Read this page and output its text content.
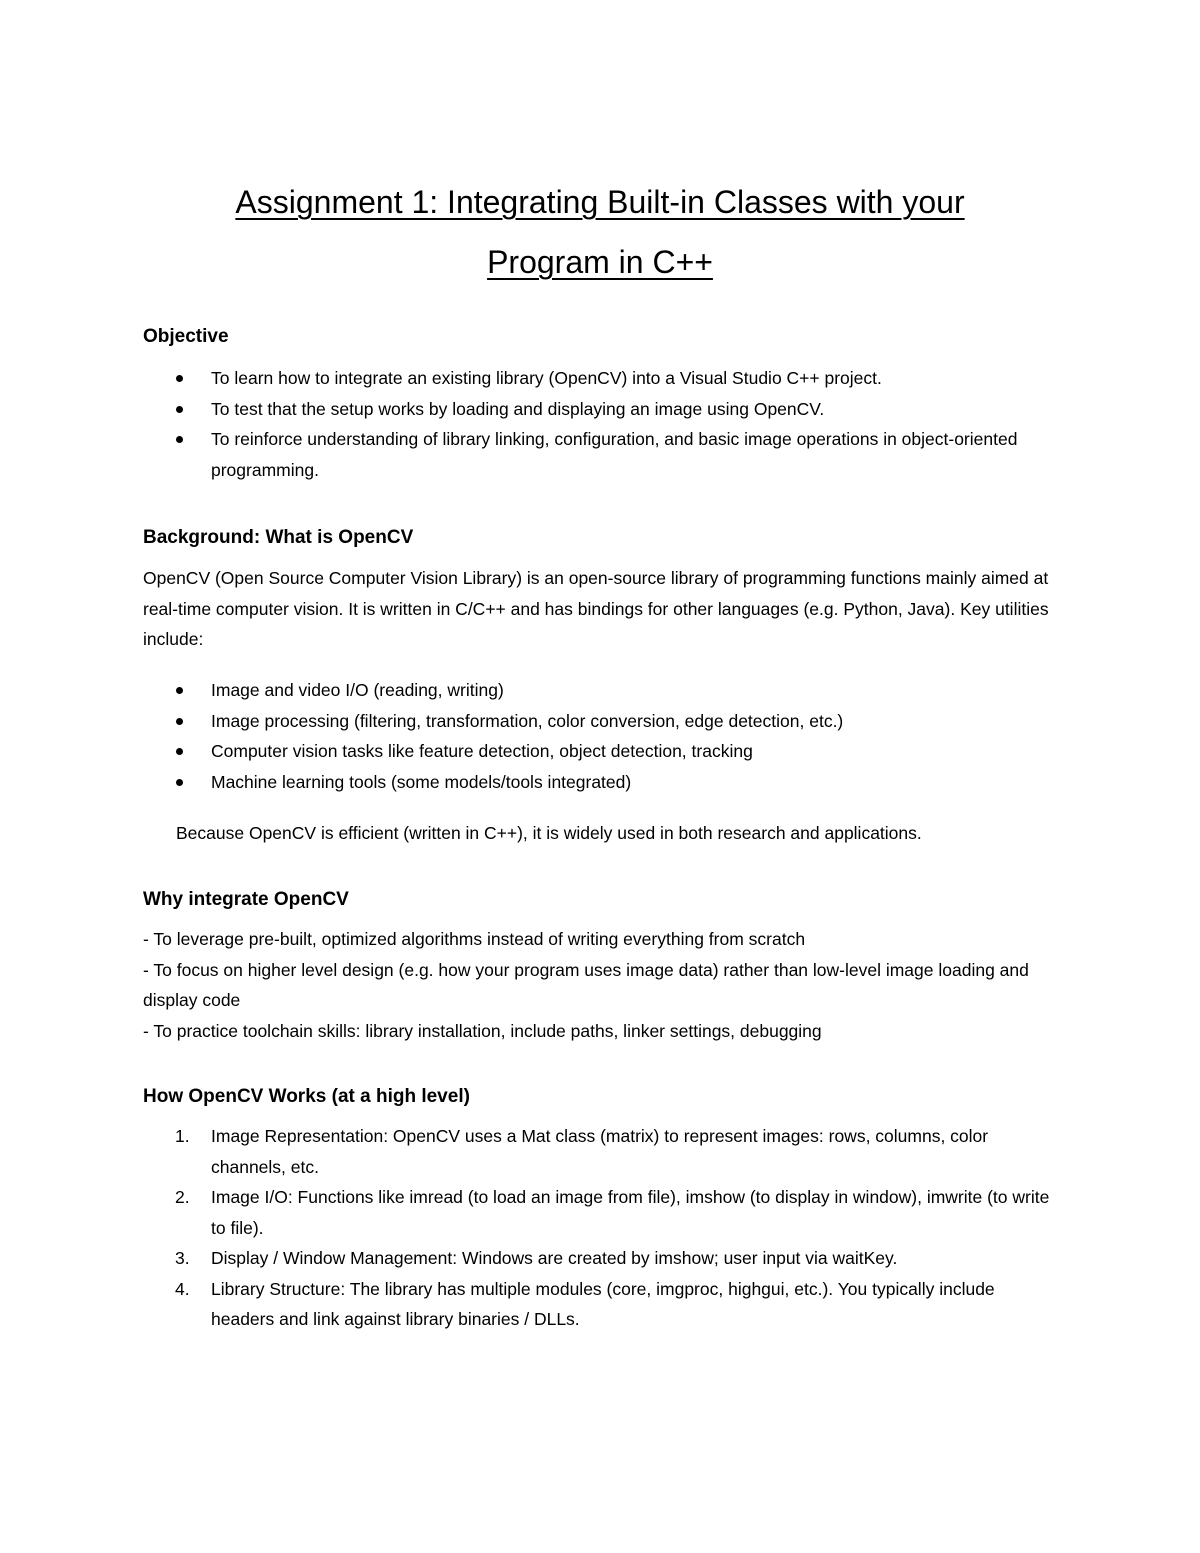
Assignment 1: Integrating Built-in Classes with your
Program in C++
Objective
To learn how to integrate an existing library (OpenCV) into a Visual Studio C++ project.
To test that the setup works by loading and displaying an image using OpenCV.
To reinforce understanding of library linking, configuration, and basic image operations in object-oriented programming.
Background: What is OpenCV

OpenCV (Open Source Computer Vision Library) is an open-source library of programming functions mainly aimed at real-time computer vision. It is written in C/C++ and has bindings for other languages (e.g. Python, Java). Key utilities include:

Image and video I/O (reading, writing)
Image processing (filtering, transformation, color conversion, edge detection, etc.)
Computer vision tasks like feature detection, object detection, tracking
Machine learning tools (some models/tools integrated)

Because OpenCV is efficient (written in C++), it is widely used in both research and applications.

Why integrate OpenCV
- To leverage pre-built, optimized algorithms instead of writing everything from scratch
- To focus on higher level design (e.g. how your program uses image data) rather than low-level image loading and display code
- To practice toolchain skills: library installation, include paths, linker settings, debugging
How OpenCV Works (at a high level)
1. Image Representation: OpenCV uses a Mat class (matrix) to represent images: rows, columns, color channels, etc.
2. Image I/O: Functions like imread (to load an image from file), imshow (to display in window), imwrite (to write to file).
3. Display / Window Management: Windows are created by imshow; user input via waitKey.
4. Library Structure: The library has multiple modules (core, imgproc, highgui, etc.). You typically include headers and link against library binaries / DLLs.
